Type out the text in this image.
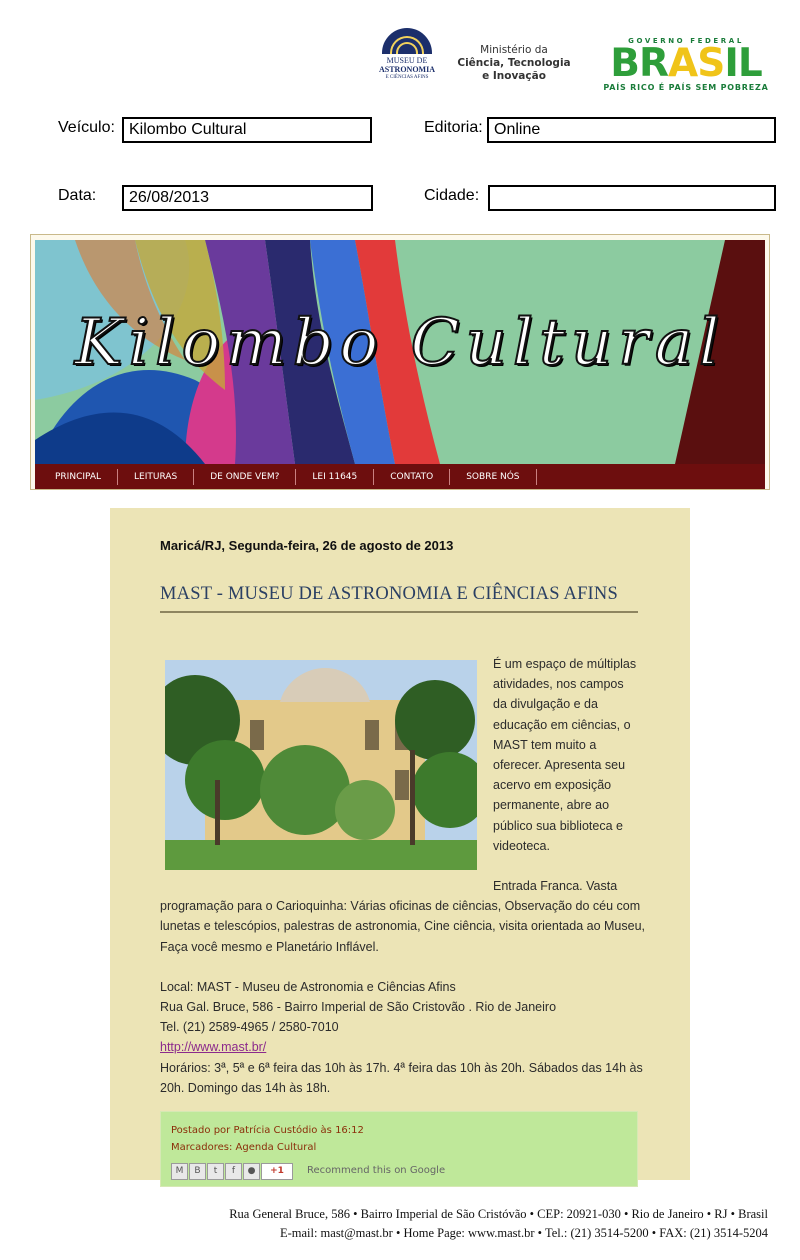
MUSEU DE
ASTRONOMIA
E CIÊNCIAS AFINS
Ministério da
Ciência, Tecnologia
e Inovação
GOVERNO FEDERAL
BRASIL
PAÍS RICO É PAÍS SEM POBREZA
Veículo: Kilombo Cultural	Editoria: Online
Data:	26/08/2013	Cidade:
Kilombo Cultural
PRINCIPAL	LEITURAS	DE ONDE VEM?	LEI 11645	CONTATO	SOBRE NÓS
Maricá/RJ, Segunda-feira, 26 de agosto de 2013
MAST - MUSEU DE ASTRONOMIA E CIÊNCIAS AFINS
É um espaço de múltiplas
atividades, nos campos
da divulgação e da
educação em ciências, o
MAST tem muito a
oferecer. Apresenta seu
acervo em exposição
permanente, abre ao
público sua biblioteca e
videoteca.

Entrada Franca. Vasta programação para o Carioquinha: Várias oficinas de ciências, Observação do céu com lunetas e telescópios, palestras de astronomia, Cine ciência, visita orientada ao Museu, Faça você mesmo e Planetário Inflável.

Local: MAST - Museu de Astronomia e Ciências Afins

Rua Gal. Bruce, 586 - Bairro Imperial de São Cristovão . Rio de Janeiro

Tel. (21) 2589-4965 / 2580-7010

http://www.mast.br/

Horários: 3ª, 5ª e 6ª feira das 10h às 17h. 4ª feira das 10h às 20h. Sábados das 14h às 20h. Domingo das 14h às 18h.

Postado por Patrícia Custódio às 16:12
Marcadores: Agenda Cultural
M	B	t	f	●	+1	Recommend this on Google
Rua General Bruce, 586 • Bairro Imperial de São Cristóvão • CEP: 20921-030 • Rio de Janeiro • RJ • Brasil
E-mail: mast@mast.br • Home Page: www.mast.br • Tel.: (21) 3514-5200 • FAX: (21) 3514-5204
